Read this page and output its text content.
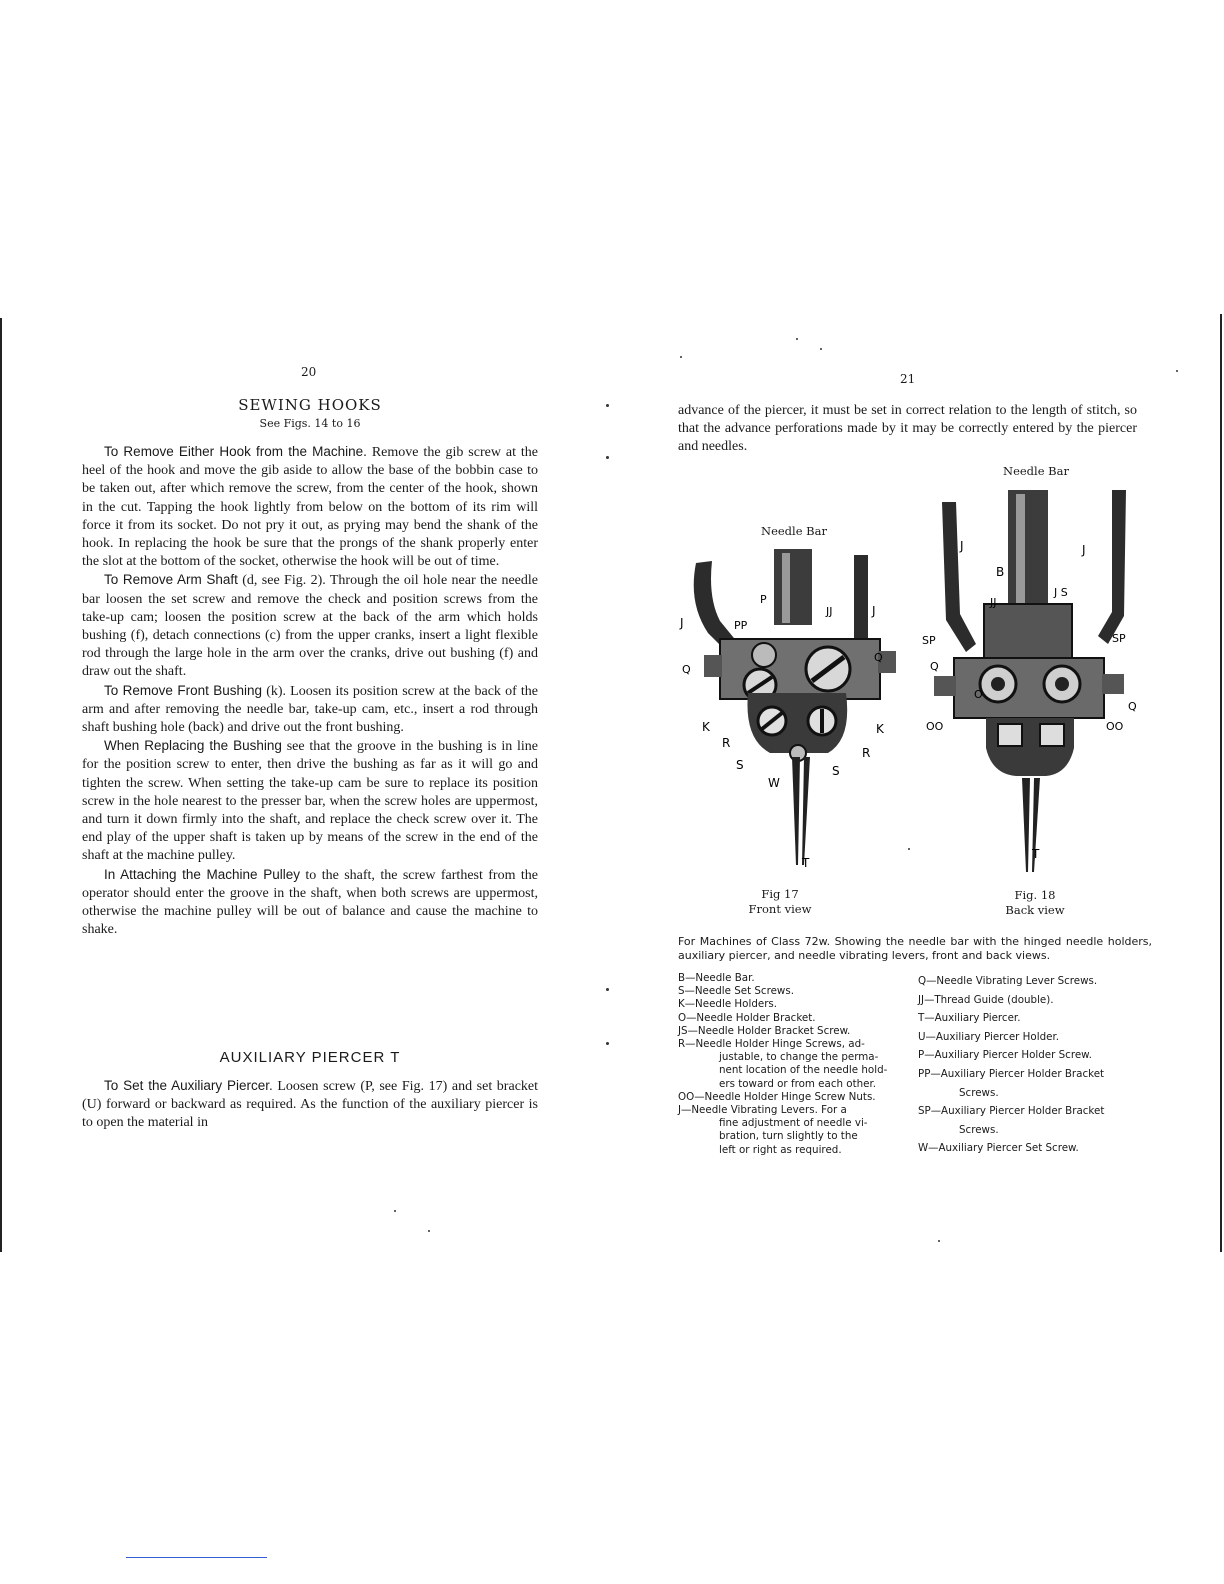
20
SEWING HOOKS
See Figs. 14 to 16

To Remove Either Hook from the Machine. Remove the gib screw at the heel of the hook and move the gib aside to allow the base of the bobbin case to be taken out, after which remove the screw, from the center of the hook, shown in the cut. Tapping the hook lightly from below on the bottom of its rim will force it from its socket. Do not pry it out, as prying may bend the shank of the hook. In replacing the hook be sure that the prongs of the shank properly enter the slot at the bottom of the socket, otherwise the hook will be out of time.

To Remove Arm Shaft (d, see Fig. 2). Through the oil hole near the needle bar loosen the set screw and remove the check and position screws from the take-up cam; loosen the position screw at the back of the arm which holds bushing (f), detach connections (c) from the upper cranks, insert a light flexible rod through the large hole in the arm over the cranks, drive out bushing (f) and draw out the shaft.

To Remove Front Bushing (k). Loosen its position screw at the back of the arm and after removing the needle bar, take-up cam, etc., insert a rod through shaft bushing hole (back) and drive out the front bushing.

When Replacing the Bushing see that the groove in the bushing is in line for the position screw to enter, then drive the bushing as far as it will go and tighten the screw. When setting the take-up cam be sure to replace its position screw in the hole nearest to the presser bar, when the screw holes are uppermost, and turn it down firmly into the shaft, and replace the check screw over it. The end play of the upper shaft is taken up by means of the screw in the end of the shaft at the machine pulley.

In Attaching the Machine Pulley to the shaft, the screw farthest from the operator should enter the groove in the shaft, when both screws are uppermost, otherwise the machine pulley will be out of balance and cause the machine to shake.

AUXILIARY PIERCER T

To Set the Auxiliary Piercer. Loosen screw (P, see Fig. 17) and set bracket (U) forward or backward as required. As the function of the auxiliary piercer is to open the material in

21

advance of the piercer, it must be set in correct relation to the length of stitch, so that the advance perforations made by it may be correctly entered by the piercer and needles.

Needle Bar
J	PP
P
JJ	J
Q
Q
K	K
R
R
S	S
W
T
Fig 17
Front view
Needle Bar
J
B
J
JJ
J S
SP	SP
Q
O
Q
OO	OO
T
Fig. 18
Back view
For Machines of Class 72w. Showing the needle bar with the hinged needle holders, auxiliary piercer, and needle vibrating levers, front and back views.
B—Needle Bar.
S—Needle Set Screws.
K—Needle Holders.
O—Needle Holder Bracket.
JS—Needle Holder Bracket Screw.
R—Needle Holder Hinge Screws, ad-
justable, to change the perma-
nent location of the needle hold-
ers toward or from each other.
OO—Needle Holder Hinge Screw Nuts.
J—Needle Vibrating Levers. For a
fine adjustment of needle vi-
bration, turn slightly to the
left or right as required.
Q—Needle Vibrating Lever Screws.
JJ—Thread Guide (double).
T—Auxiliary Piercer.
U—Auxiliary Piercer Holder.
P—Auxiliary Piercer Holder Screw.
PP—Auxiliary Piercer Holder Bracket
Screws.
SP—Auxiliary Piercer Holder Bracket
Screws.
W—Auxiliary Piercer Set Screw.
